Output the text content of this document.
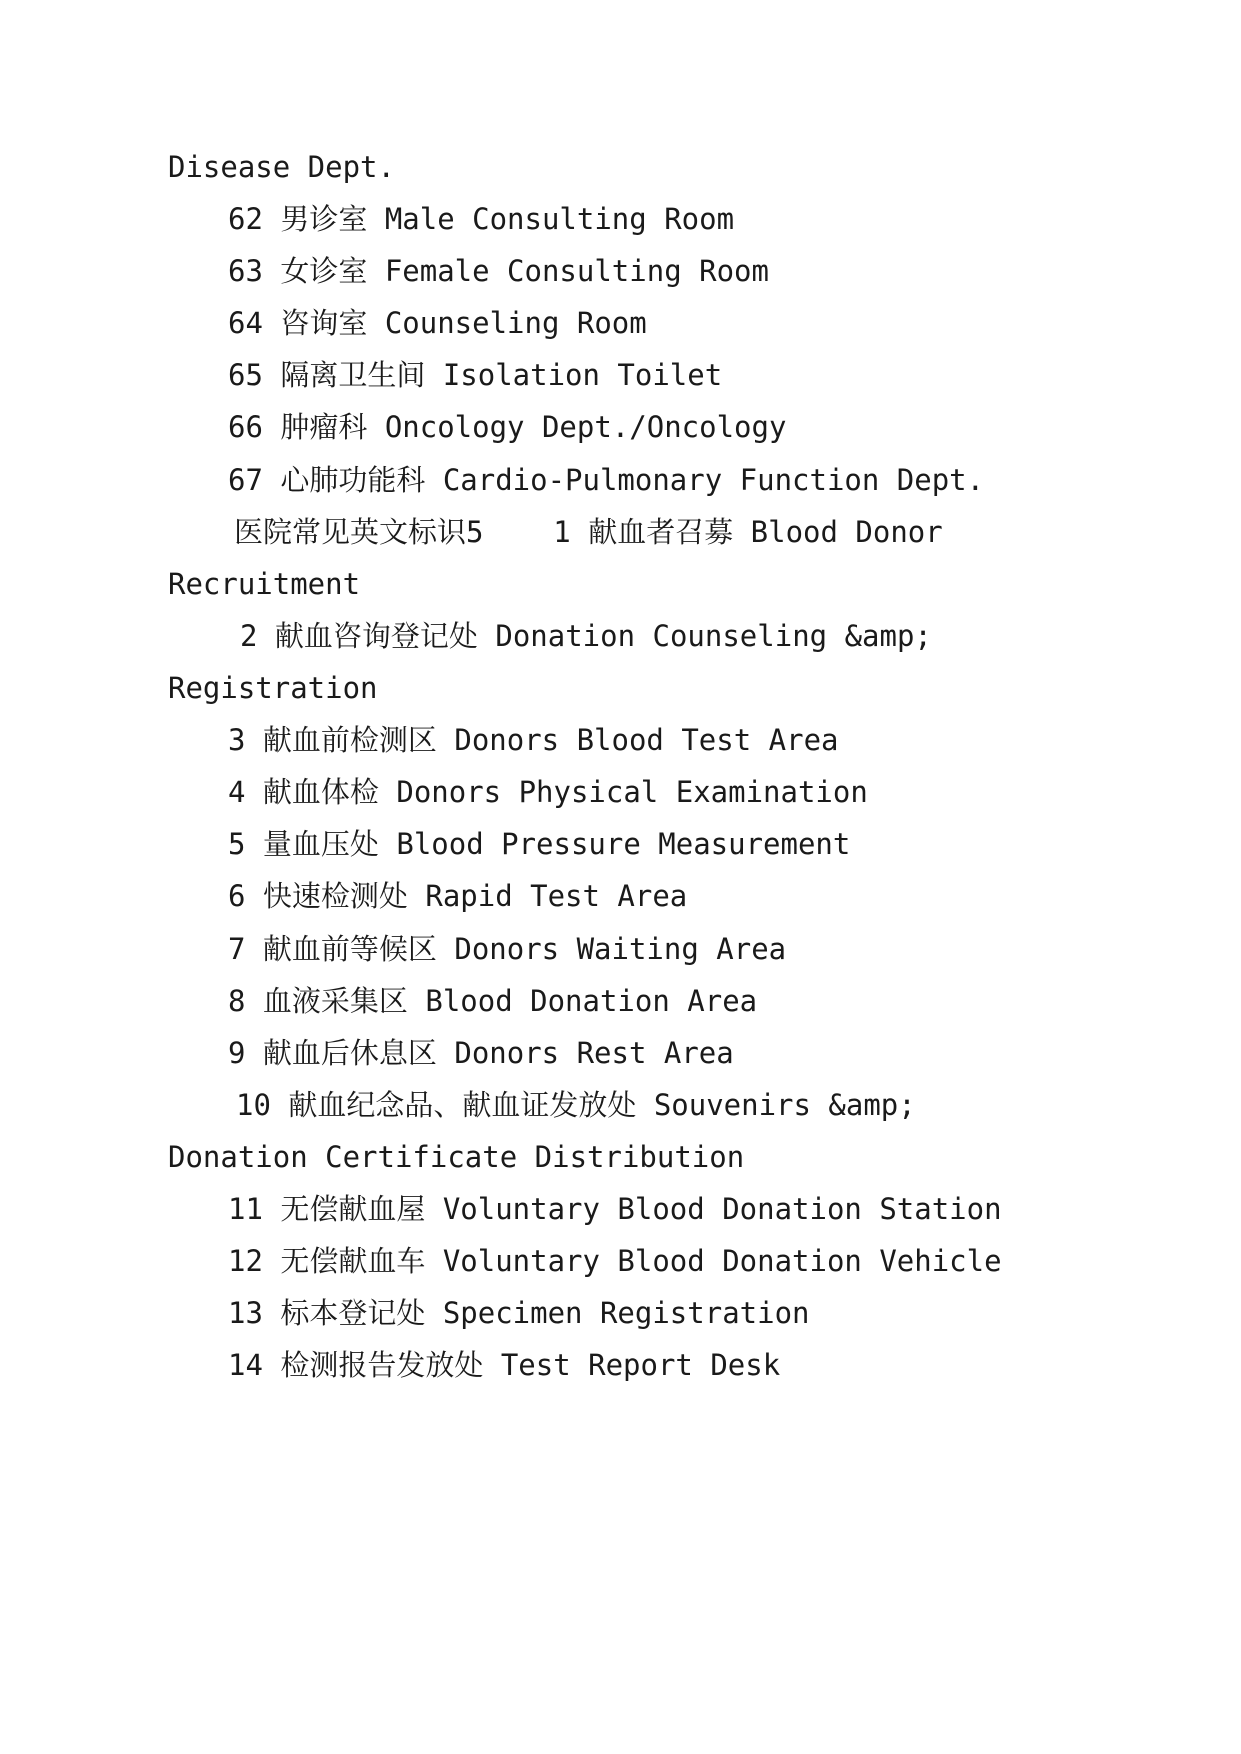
Disease Dept.
62 男诊室 Male Consulting Room
63 女诊室 Female Consulting Room
64 咨询室 Counseling Room
65 隔离卫生间 Isolation Toilet
66 肿瘤科 Oncology Dept./Oncology
67 心肺功能科 Cardio-Pulmonary Function Dept.
医院常见英文标识5    1 献血者召募 Blood Donor
Recruitment
2 献血咨询登记处 Donation Counseling &amp;
Registration
3 献血前检测区 Donors Blood Test Area
4 献血体检 Donors Physical Examination
5 量血压处 Blood Pressure Measurement
6 快速检测处 Rapid Test Area
7 献血前等候区 Donors Waiting Area
8 血液采集区 Blood Donation Area
9 献血后休息区 Donors Rest Area
10 献血纪念品、献血证发放处 Souvenirs &amp;
Donation Certificate Distribution
11 无偿献血屋 Voluntary Blood Donation Station
12 无偿献血车 Voluntary Blood Donation Vehicle
13 标本登记处 Specimen Registration
14 检测报告发放处 Test Report Desk
